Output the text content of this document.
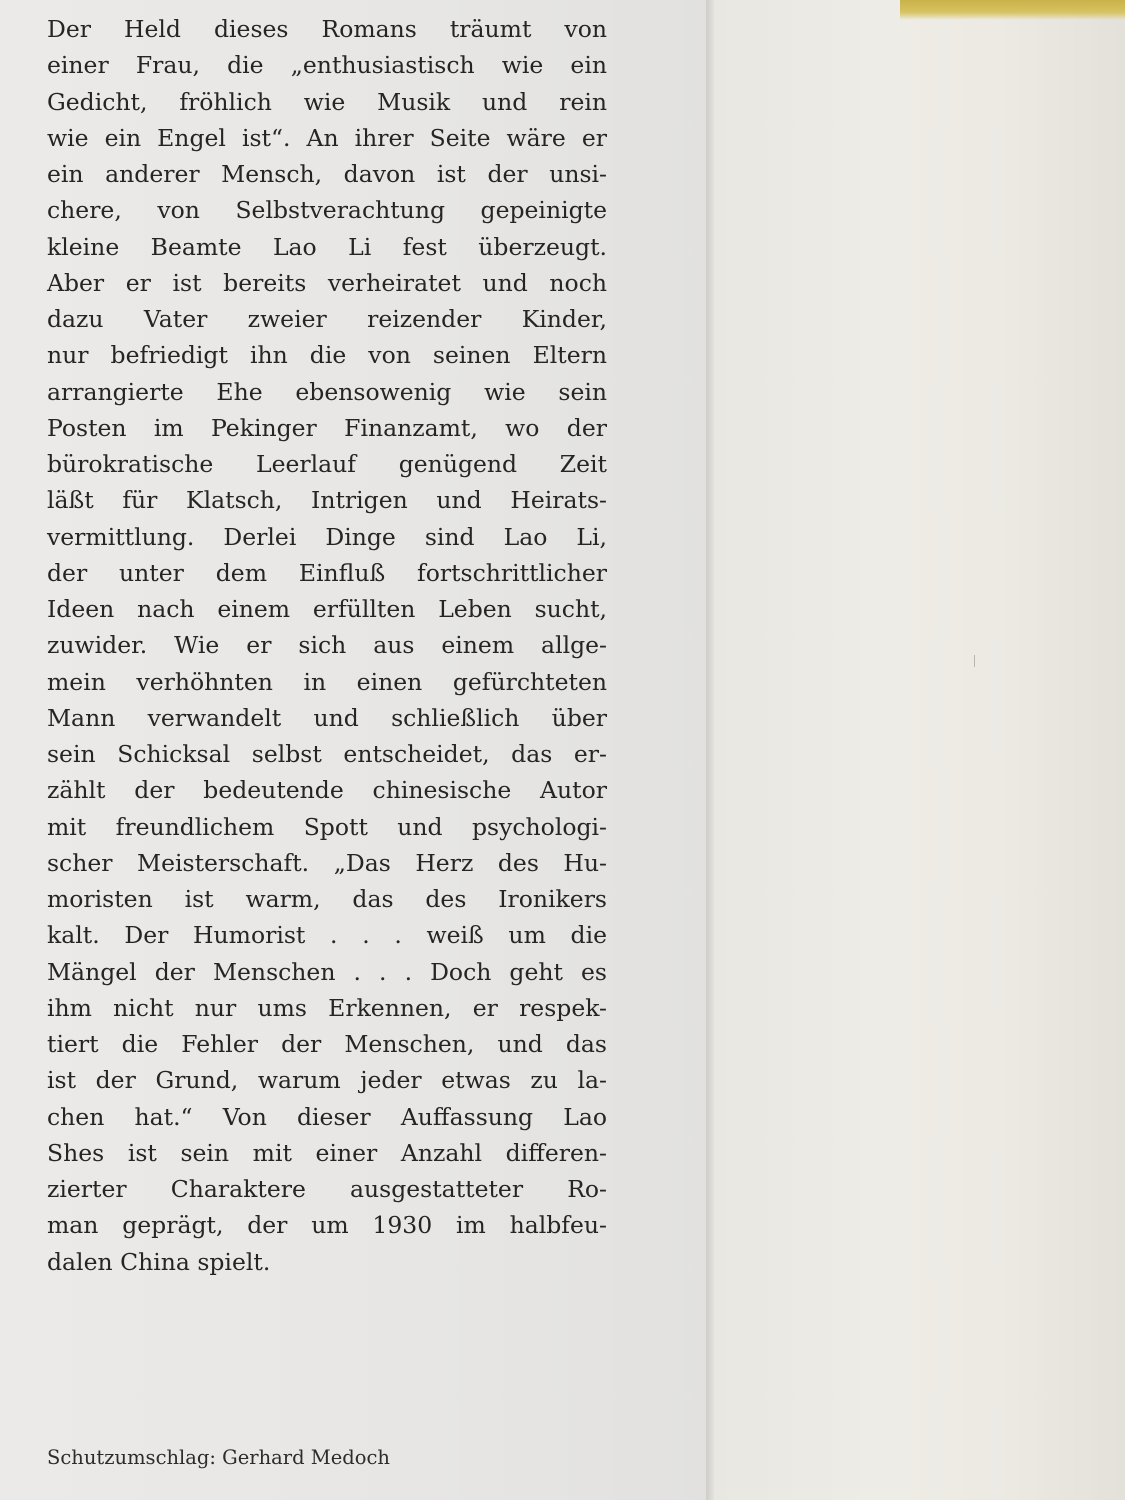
Der Held dieses Romans träumt von
einer Frau, die „enthusiastisch wie ein
Gedicht, fröhlich wie Musik und rein
wie ein Engel ist“. An ihrer Seite wäre er
ein anderer Mensch, davon ist der unsi-
chere, von Selbstverachtung gepeinigte
kleine Beamte Lao Li fest überzeugt.
Aber er ist bereits verheiratet und noch
dazu Vater zweier reizender Kinder,
nur befriedigt ihn die von seinen Eltern
arrangierte Ehe ebensowenig wie sein
Posten im Pekinger Finanzamt, wo der
bürokratische Leerlauf genügend Zeit
läßt für Klatsch, Intrigen und Heirats-
vermittlung. Derlei Dinge sind Lao Li,
der unter dem Einfluß fortschrittlicher
Ideen nach einem erfüllten Leben sucht,
zuwider. Wie er sich aus einem allge-
mein verhöhnten in einen gefürchteten
Mann verwandelt und schließlich über
sein Schicksal selbst entscheidet, das er-
zählt der bedeutende chinesische Autor
mit freundlichem Spott und psychologi-
scher Meisterschaft. „Das Herz des Hu-
moristen ist warm, das des Ironikers
kalt. Der Humorist . . . weiß um die
Mängel der Menschen . . . Doch geht es
ihm nicht nur ums Erkennen, er respek-
tiert die Fehler der Menschen, und das
ist der Grund, warum jeder etwas zu la-
chen hat.“ Von dieser Auffassung Lao
Shes ist sein mit einer Anzahl differen-
zierter Charaktere ausgestatteter Ro-
man geprägt, der um 1930 im halbfeu-
dalen China spielt.
Schutzumschlag: Gerhard Medoch
